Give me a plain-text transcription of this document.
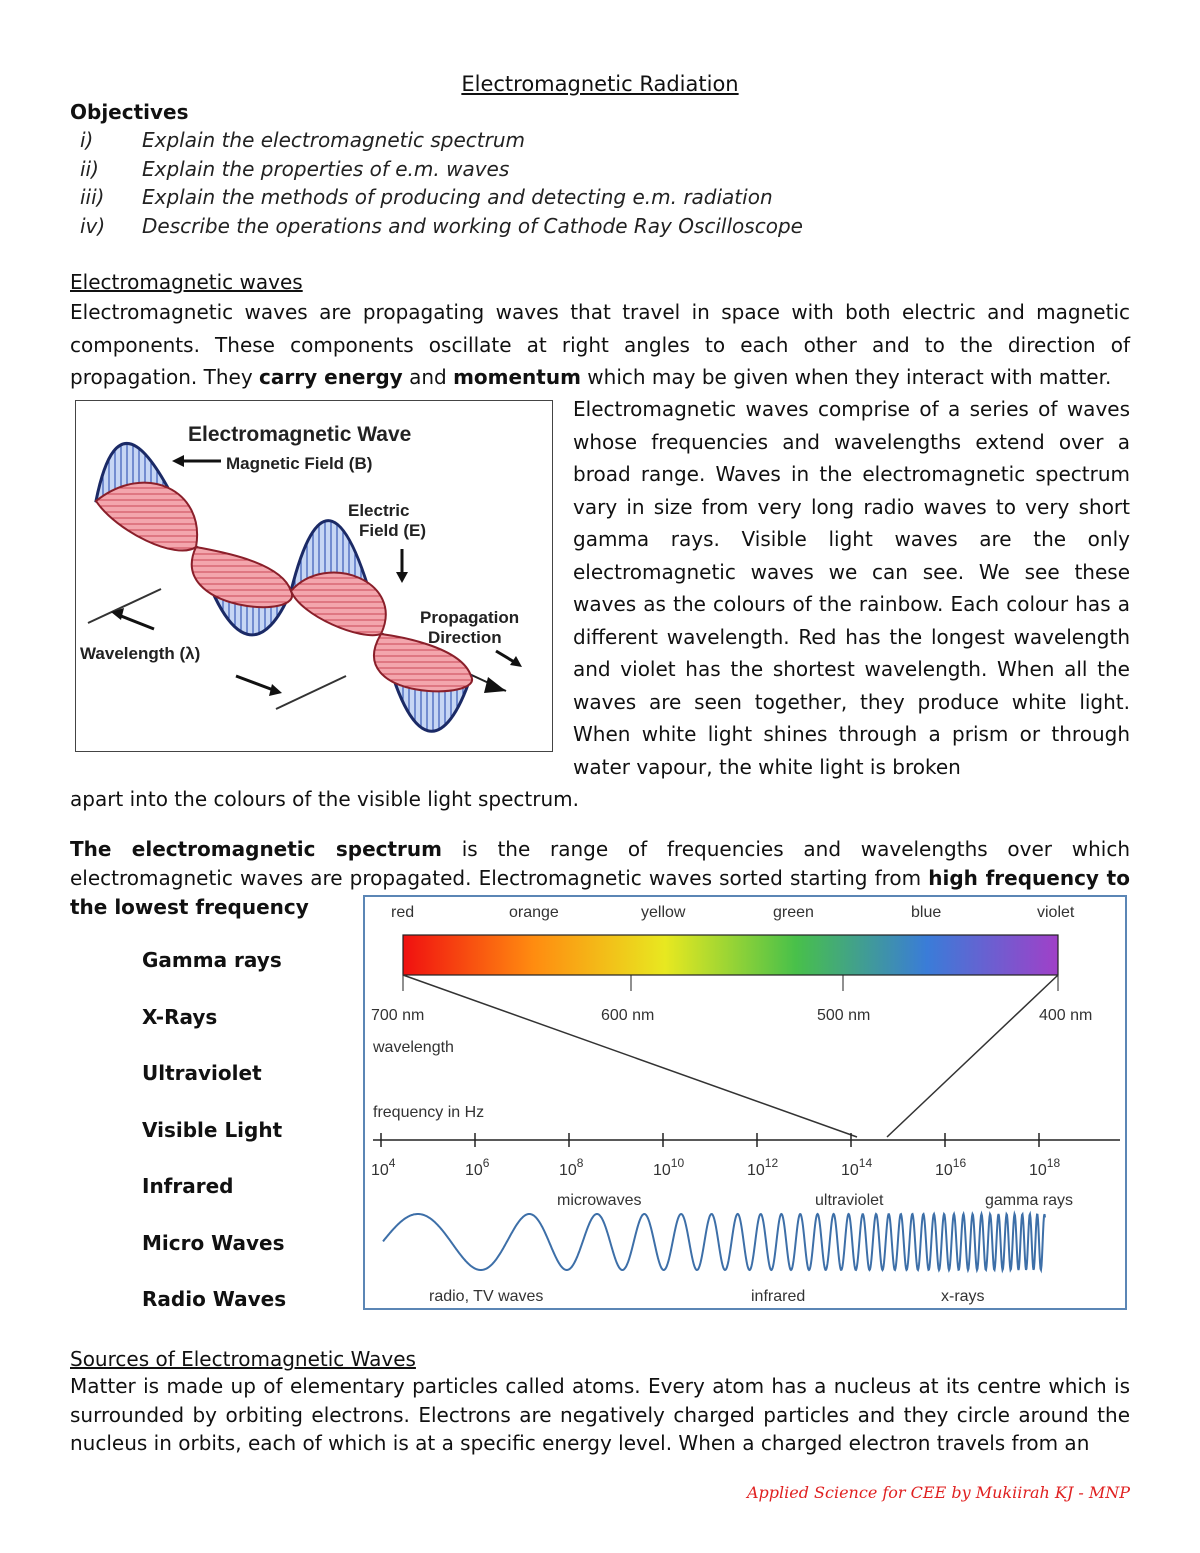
Electromagnetic Radiation
Objectives
i) Explain the electromagnetic spectrum
ii) Explain the properties of e.m. waves
iii) Explain the methods of producing and detecting e.m. radiation
iv) Describe the operations and working of Cathode Ray Oscilloscope
Electromagnetic waves
Electromagnetic waves are propagating waves that travel in space with both electric and magnetic components. These components oscillate at right angles to each other and to the direction of propagation. They carry energy and momentum which may be given when they interact with matter.
Electromagnetic Wave
Magnetic Field (B)
Electric
Field (E)
Propagation
Direction
Wavelength (λ)
Electromagnetic waves comprise of a series of waves whose frequencies and wavelengths extend over a broad range. Waves in the electromagnetic spectrum vary in size from very long radio waves to very short gamma rays. Visible light waves are the only electromagnetic waves we can see. We see these waves as the colours of the rainbow. Each colour has a different wavelength. Red has the longest wavelength and violet has the shortest wavelength. When all the waves are seen together, they produce white light. When white light shines through a prism or through water vapour, the white light is broken
apart into the colours of the visible light spectrum.
The electromagnetic spectrum is the range of frequencies and wavelengths over which electromagnetic waves are propagated. Electromagnetic waves sorted starting from high frequency to the lowest frequency
Gamma rays
X-Rays
Ultraviolet
Visible Light
Infrared
Micro Waves
Radio Waves
red	orange	yellow	green	blue	violet
700 nm	600 nm	500 nm	400 nm
wavelength
frequency in Hz
$10^4$	$10^6$	$10^8$	$10^{10}$	$10^{12}$	$10^{14}$	$10^{16}$	$10^{18}$
microwaves	ultraviolet	gamma rays
radio, TV waves	infrared	x-rays
Sources of Electromagnetic Waves
Matter is made up of elementary particles called atoms. Every atom has a nucleus at its centre which is surrounded by orbiting electrons. Electrons are negatively charged particles and they circle around the nucleus in orbits, each of which is at a specific energy level. When a charged electron travels from an
Applied Science for CEE by Mukiirah KJ - MNP
